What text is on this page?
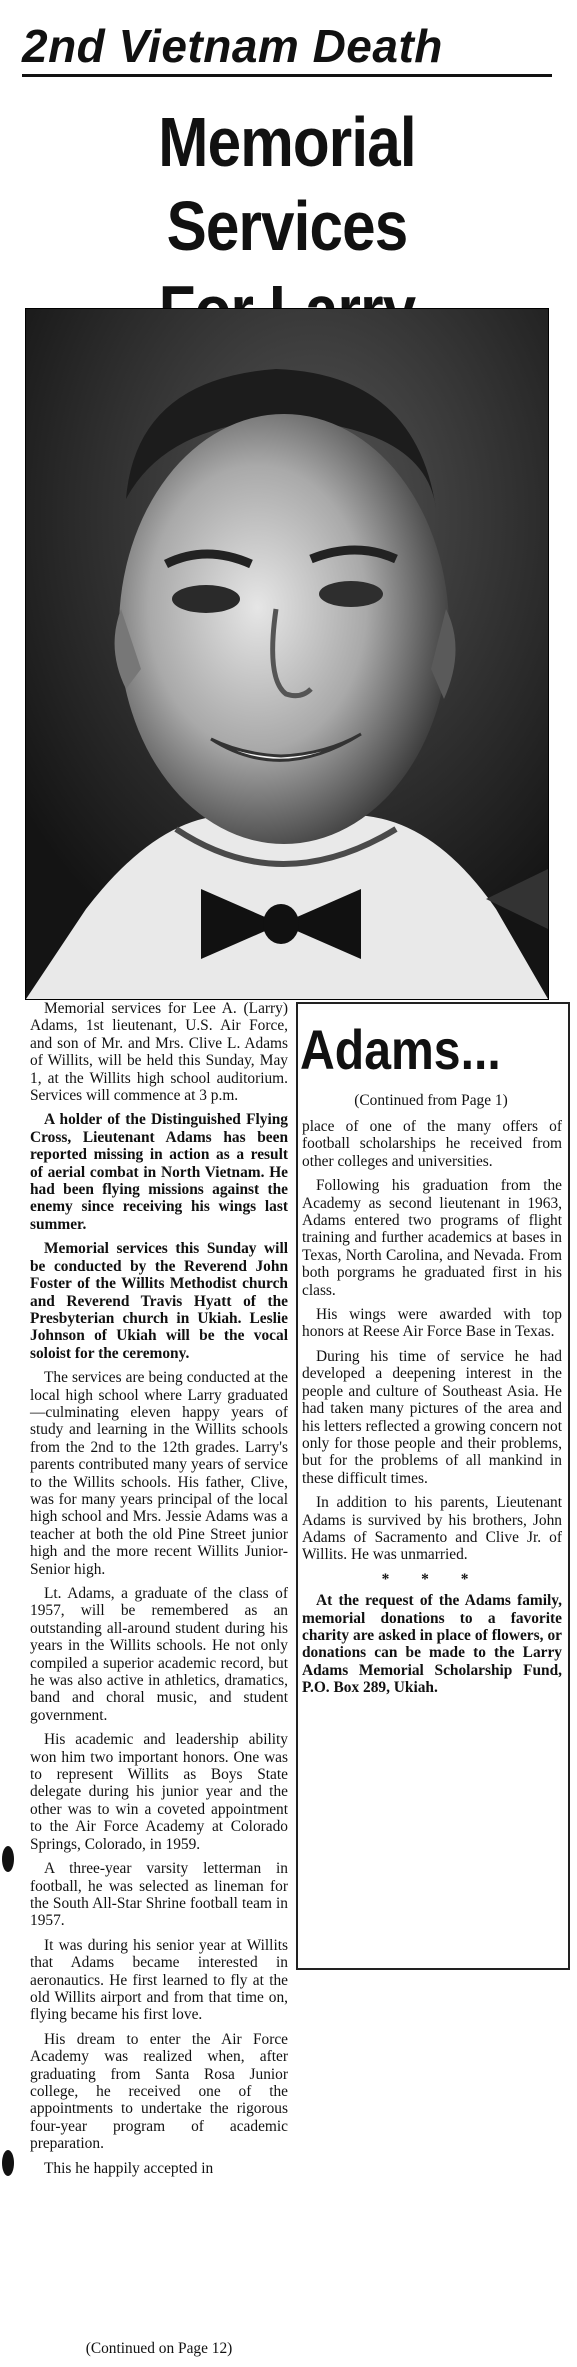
2nd Vietnam Death
Memorial Services

Memorial services for Lee A. (Larry) Adams, 1st lieutenant, U.S. Air Force, and son of Mr. and Mrs. Clive L. Adams of Willits, will be held this Sunday, May 1, at the Willits high school auditorium. Services will commence at 3 p.m.

A holder of the Distinguished Flying Cross, Lieutenant Adams has been reported missing in action as a result of aerial combat in North Vietnam. He had been flying missions against the enemy since receiving his wings last summer.

Memorial services this Sunday will be conducted by the Reverend John Foster of the Willits Methodist church and Reverend Travis Hyatt of the Presbyterian church in Ukiah. Leslie Johnson of Ukiah will be the vocal soloist for the ceremony.

The services are being conducted at the local high school where Larry graduated—culminating eleven happy years of study and learning in the Willits schools from the 2nd to the 12th grades. Larry's parents contributed many years of service to the Willits schools. His father, Clive, was for many years principal of the local high school and Mrs. Jessie Adams was a teacher at both the old Pine Street junior high and the more recent Willits Junior-Senior high.

Lt. Adams, a graduate of the class of 1957, will be remembered as an outstanding all-around student during his years in the Willits schools. He not only compiled a superior academic record, but he was also active in athletics, dramatics, band and choral music, and student government.

His academic and leadership ability won him two important honors. One was to represent Willits as Boys State delegate during his junior year and the other was to win a coveted appointment to the Air Force Academy at Colorado Springs, Colorado, in 1959.

A three-year varsity letterman in football, he was selected as lineman for the South All-Star Shrine football team in 1957.

It was during his senior year at Willits that Adams became interested in aeronautics. He first learned to fly at the old Willits airport and from that time on, flying became his first love.

His dream to enter the Air Force Academy was realized when, after graduating from Santa Rosa Junior college, he received one of the appointments to undertake the rigorous four-year program of academic preparation.

This he happily accepted in

(Continued on Page 12)
Adams...
(Continued from Page 1)

place of one of the many offers of football scholarships he received from other colleges and universities.

Following his graduation from the Academy as second lieutenant in 1963, Adams entered two programs of flight training and further academics at bases in Texas, North Carolina, and Nevada. From both porgrams he graduated first in his class.

His wings were awarded with top honors at Reese Air Force Base in Texas.

During his time of service he had developed a deepening interest in the people and culture of Southeast Asia. He had taken many pictures of the area and his letters reflected a growing concern not only for those people and their problems, but for the problems of all mankind in these difficult times.

In addition to his parents, Lieutenant Adams is survived by his brothers, John Adams of Sacramento and Clive Jr. of Willits. He was unmarried.

* * *

At the request of the Adams family, memorial donations to a favorite charity are asked in place of flowers, or donations can be made to the Larry Adams Memorial Scholarship Fund, P.O. Box 289, Ukiah.
